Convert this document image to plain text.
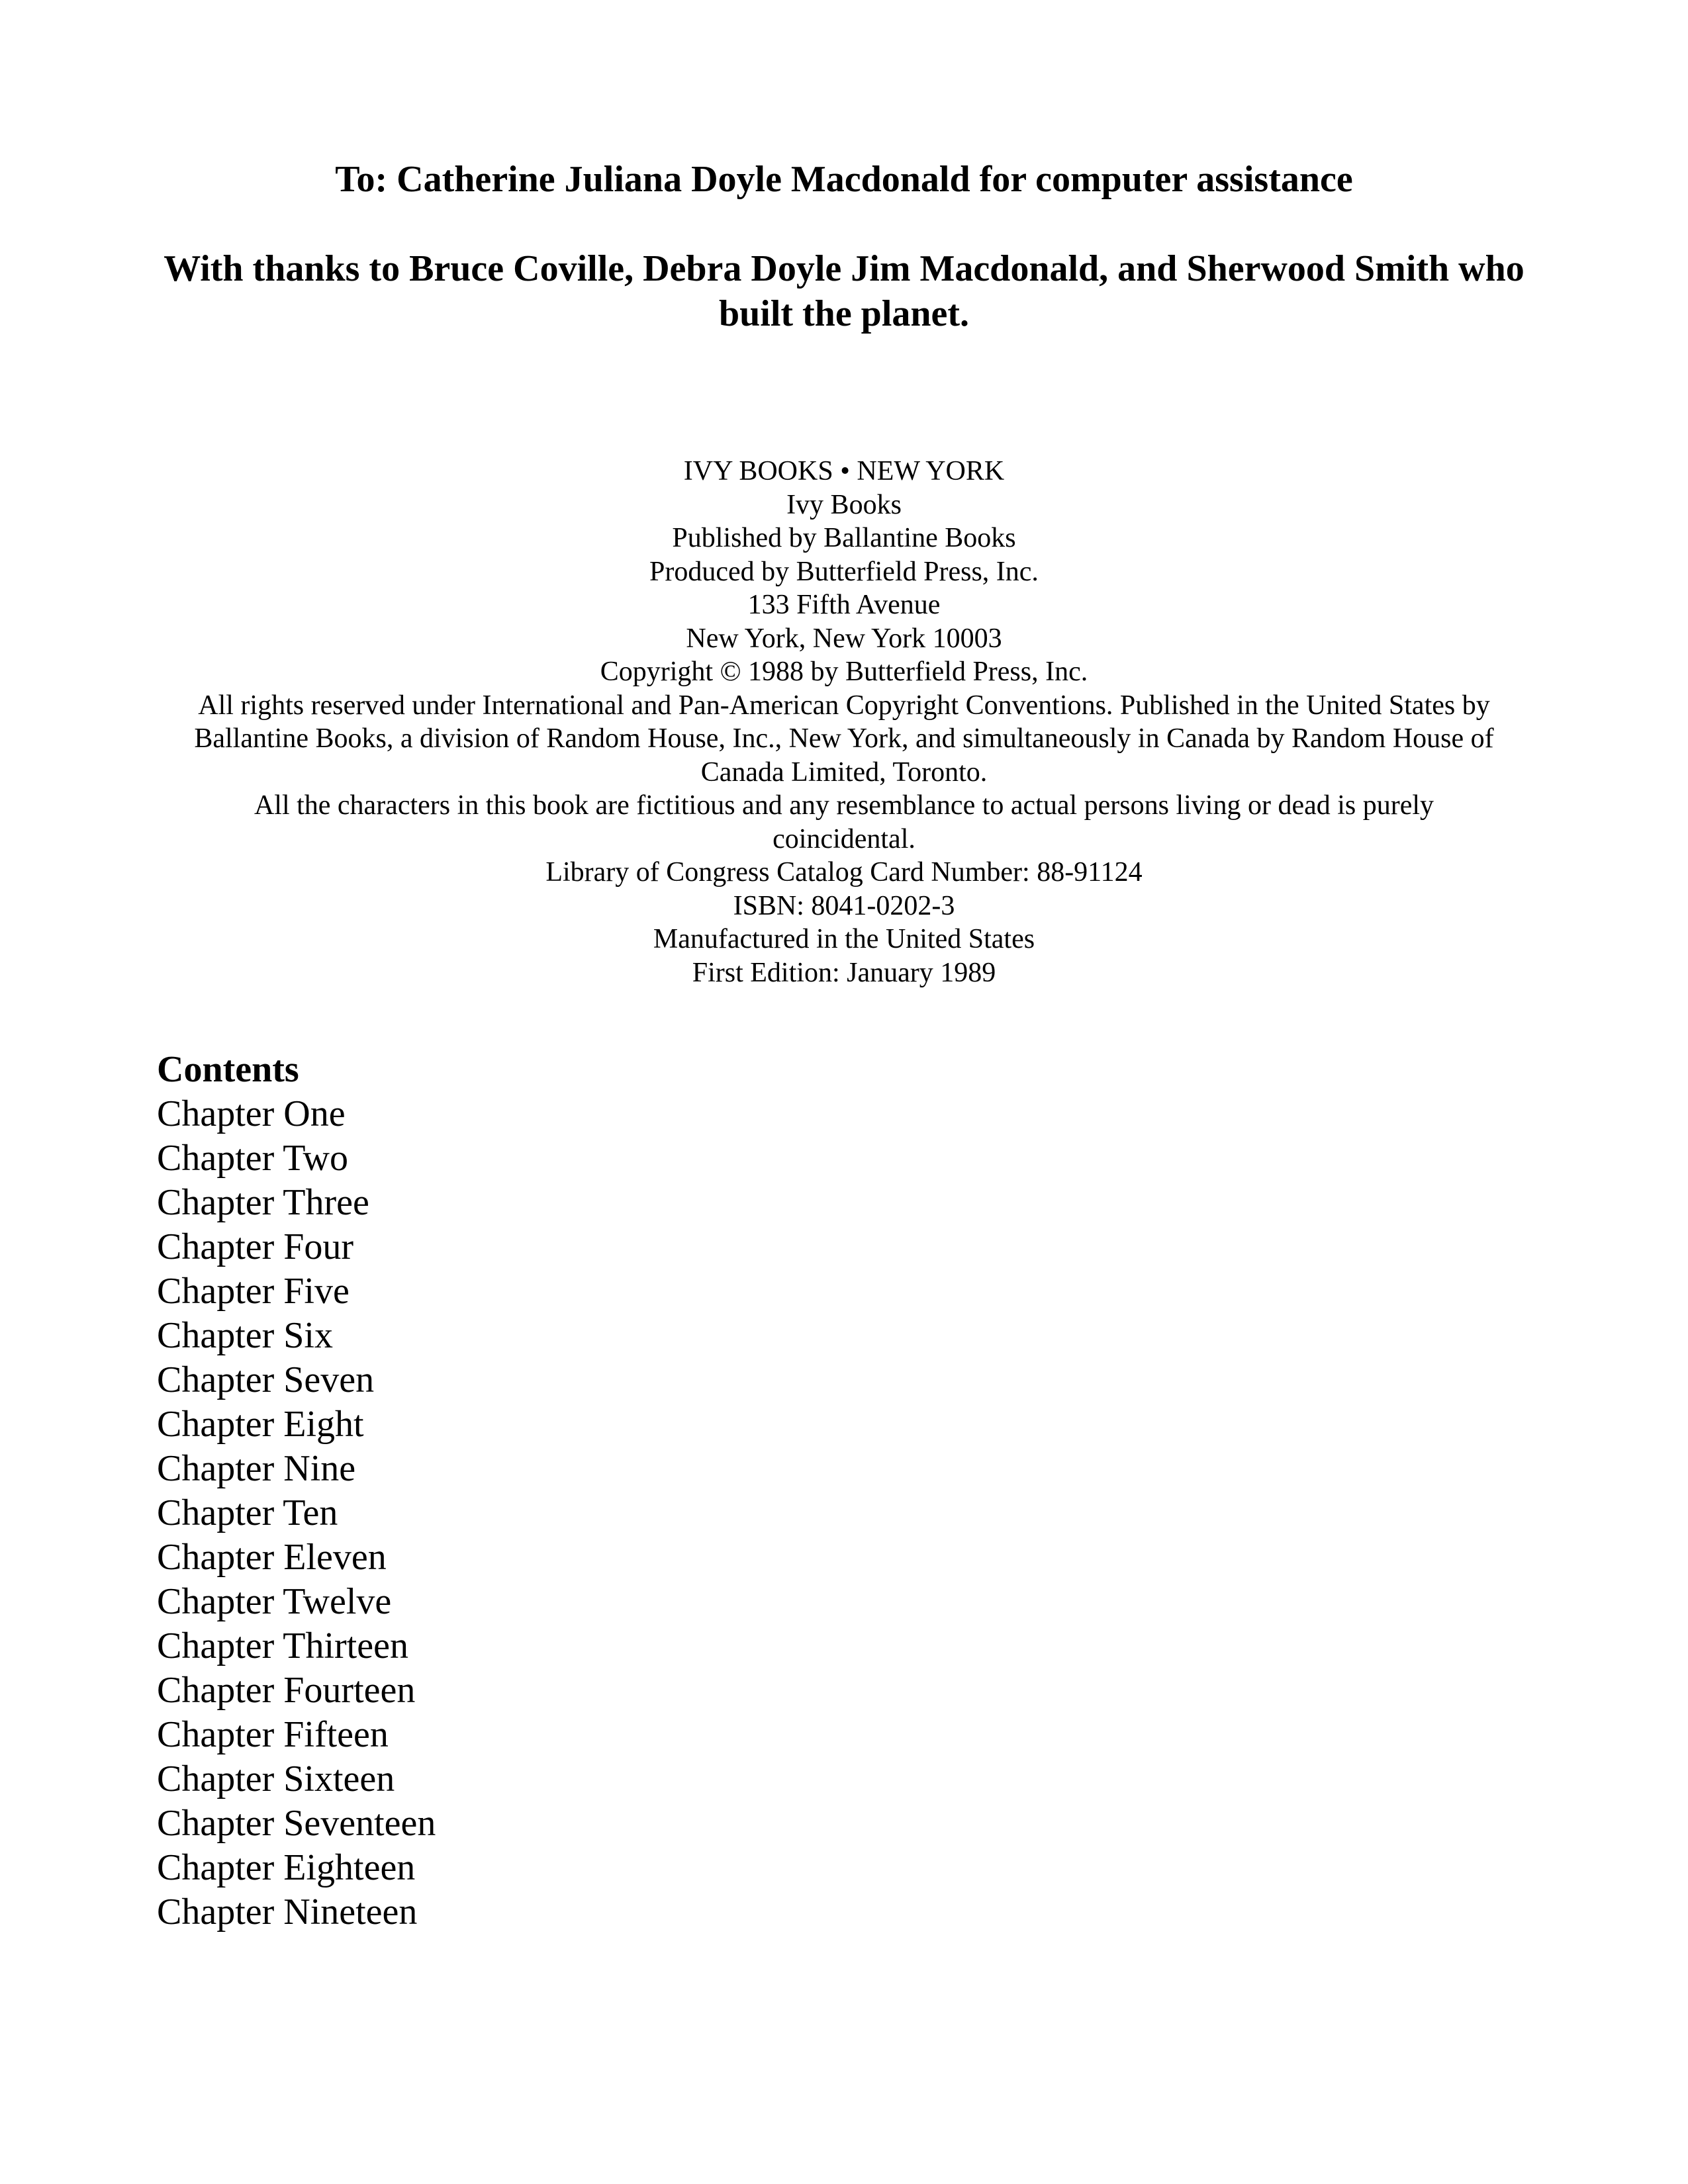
To: Catherine Juliana Doyle Macdonald for computer assistance

With thanks to Bruce Coville, Debra Doyle Jim Macdonald, and Sherwood Smith who built the planet.

IVY BOOKS • NEW YORK
Ivy Books
Published by Ballantine Books
Produced by Butterfield Press, Inc.
133 Fifth Avenue
New York, New York 10003
Copyright © 1988 by Butterfield Press, Inc.
All rights reserved under International and Pan-American Copyright Conventions. Published in the United States by Ballantine Books, a division of Random House, Inc., New York, and simultaneously in Canada by Random House of Canada Limited, Toronto.
All the characters in this book are fictitious and any resemblance to actual persons living or dead is purely coincidental.
Library of Congress Catalog Card Number: 88-91124
ISBN: 8041-0202-3
Manufactured in the United States
First Edition: January 1989
Contents
Chapter One
Chapter Two
Chapter Three
Chapter Four
Chapter Five
Chapter Six
Chapter Seven
Chapter Eight
Chapter Nine
Chapter Ten
Chapter Eleven
Chapter Twelve
Chapter Thirteen
Chapter Fourteen
Chapter Fifteen
Chapter Sixteen
Chapter Seventeen
Chapter Eighteen
Chapter Nineteen
